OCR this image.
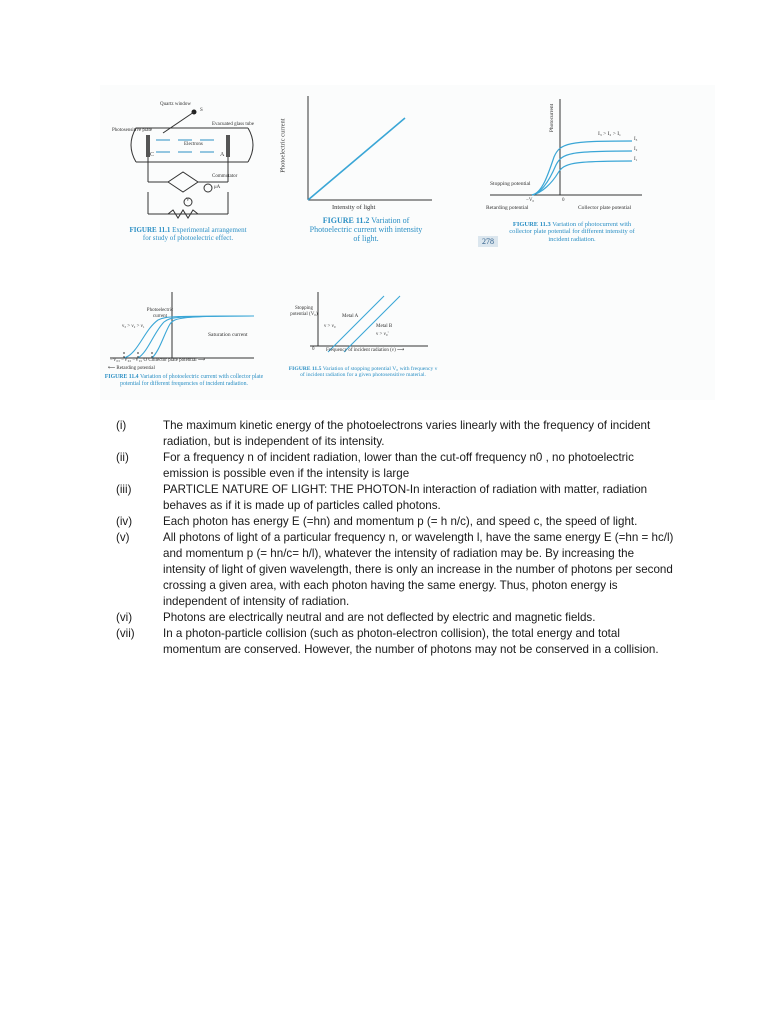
Quartz window
S
Evacuated glass tube
Photosensitive plate
Electrons
C	A
Commutator
μA
V
FIGURE 11.1 Experimental arrangement for study of photoelectric effect.
Photoelectric current
Intensity of light
FIGURE 11.2 Variation of Photoelectric current with intensity of light.
Photocurrent
I₃ > I₂ > I₁
I₃
I₂
I₁
Stopping potential
−V₀	0
Retarding potential	Collector plate potential
FIGURE 11.3 Variation of photocurrent with collector plate potential for different intensity of incident radiation.
278
Photoelectric current
ν₃ > ν₂ > ν₁
Saturation current
−V₀₃ −V₀₂ −V₀₁ O Collector plate potential ⟶
⟵ Retarding potential
FIGURE 11.4 Variation of photoelectric current with collector plate potential for different frequencies of incident radiation.
Stopping potential (V₀)	Metal A
ν > ν₀	Metal B
ν > ν₀'
0 Frequency of incident radiation (ν) ⟶
FIGURE 11.5 Variation of stopping potential V₀ with frequency ν of incident radiation for a given photosensitive material.
(i)	The maximum kinetic energy of the photoelectrons varies linearly with the frequency of incident radiation, but is independent of its intensity.
(ii)	For a frequency n of incident radiation, lower than the cut-off frequency n0 , no photoelectric emission is possible even if the intensity is large
(iii)	PARTICLE NATURE OF LIGHT: THE PHOTON-In interaction of radiation with matter, radiation behaves as if it is made up of particles called photons.
(iv)	Each photon has energy E (=hn) and momentum p (= h n/c), and speed c, the speed of light.
(v)	All photons of light of a particular frequency n, or wavelength l, have the same energy E (=hn = hc/l) and momentum p (= hn/c= h/l), whatever the intensity of radiation may be. By increasing the intensity of light of given wavelength, there is only an increase in the number of photons per second crossing a given area, with each photon having the same energy. Thus, photon energy is independent of intensity of radiation.
(vi)	Photons are electrically neutral and are not deflected by electric and magnetic fields.
(vii)	In a photon-particle collision (such as photon-electron collision), the total energy and total momentum are conserved. However, the number of photons may not be conserved in a collision.
